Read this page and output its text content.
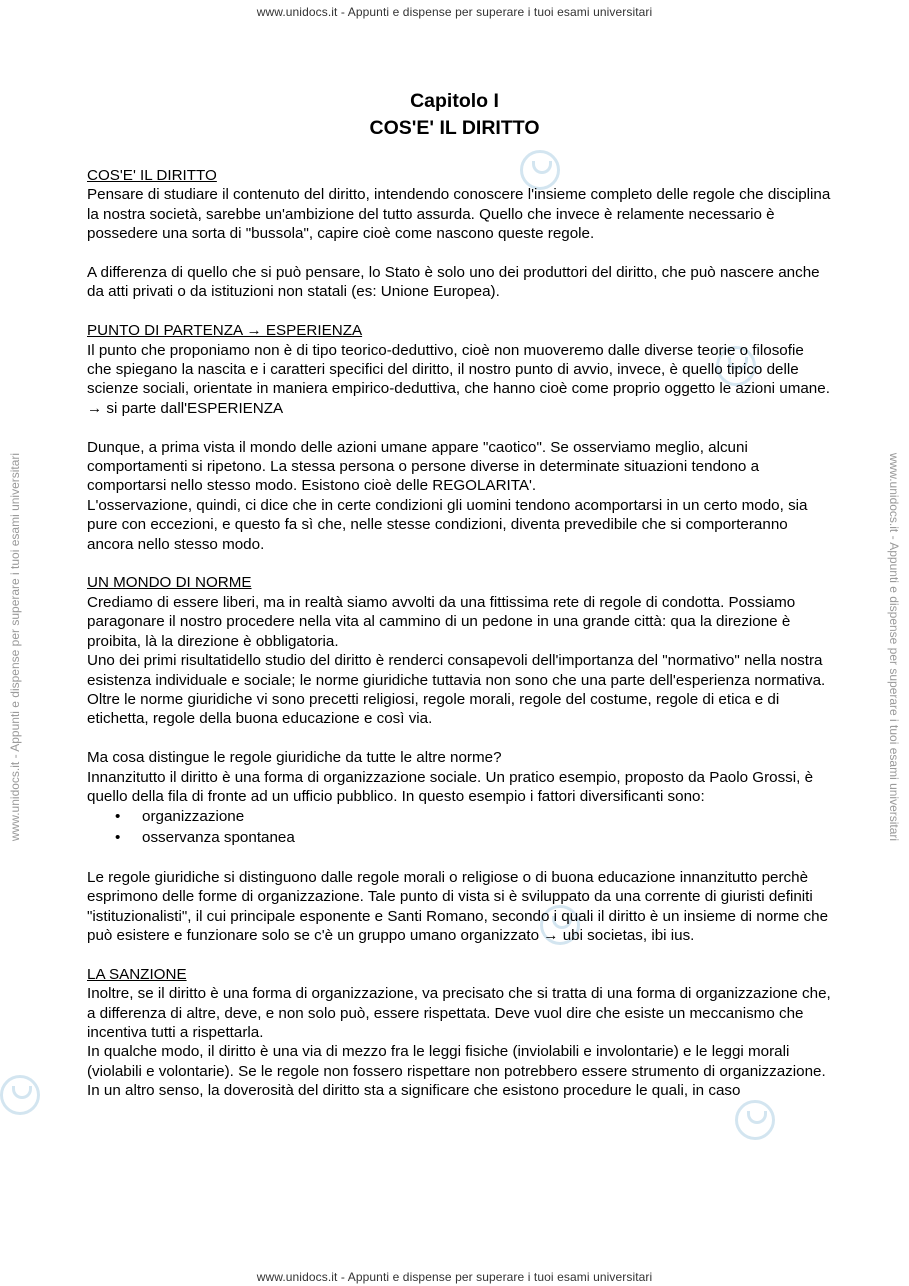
www.unidocs.it - Appunti e dispense per superare i tuoi esami universitari
www.unidocs.it - Appunti e dispense per superare i tuoi esami universitari	www.unidocs.it - Appunti e dispense per superare i tuoi esami universitari
Capitolo I
COS'E' IL DIRITTO

COS'E' IL DIRITTO

Pensare di studiare il contenuto del diritto, intendendo conoscere l'insieme completo delle regole che disciplina la nostra società, sarebbe un'ambizione del tutto assurda. Quello che invece è relamente necessario è possedere una sorta di "bussola", capire cioè come nascono queste regole.

A differenza di quello che si può pensare, lo Stato è solo uno dei produttori del diritto, che può nascere anche da atti privati o da istituzioni non statali (es: Unione Europea).

PUNTO DI PARTENZA → ESPERIENZA

Il punto che proponiamo non è di tipo teorico-deduttivo, cioè non muoveremo dalle diverse teorie o filosofie che spiegano la nascita e i caratteri specifici del diritto, il nostro punto di avvio, invece, è quello tipico delle scienze sociali, orientate in maniera empirico-deduttiva, che hanno cioè come proprio oggetto le azioni umane.

→ si parte dall'ESPERIENZA

Dunque, a prima vista il mondo delle azioni umane appare "caotico". Se osserviamo meglio, alcuni comportamenti si ripetono. La stessa persona o persone diverse in determinate situazioni tendono a comportarsi nello stesso modo. Esistono cioè delle REGOLARITA'.

L'osservazione, quindi, ci dice che in certe condizioni gli uomini tendono acomportarsi in un certo modo, sia pure con eccezioni, e questo fa sì che, nelle stesse condizioni, diventa prevedibile che si comporteranno ancora nello stesso modo.

UN MONDO DI NORME

Crediamo di essere liberi, ma in realtà siamo avvolti da una fittissima rete di regole di condotta. Possiamo paragonare il nostro procedere nella vita al cammino di un pedone in una grande città: qua la direzione è proibita, là la direzione è obbligatoria.

Uno dei primi risultatidello studio del diritto è renderci consapevoli dell'importanza del "normativo" nella nostra esistenza individuale e sociale; le norme giuridiche tuttavia non sono che una parte dell'esperienza normativa. Oltre le norme giuridiche vi sono precetti religiosi, regole morali, regole del costume, regole di etica e di etichetta, regole della buona educazione e così via.

Ma cosa distingue le regole giuridiche da tutte le altre norme?

Innanzitutto il diritto è una forma di organizzazione sociale. Un pratico esempio, proposto da Paolo Grossi, è quello della fila di fronte ad un ufficio pubblico. In questo esempio i fattori diversificanti sono:

• organizzazione
• osservanza spontanea

Le regole giuridiche si distinguono dalle regole morali o religiose o di buona educazione innanzitutto perchè esprimono delle forme di organizzazione. Tale punto di vista si è sviluppato da una corrente di giuristi definiti "istituzionalisti", il cui principale esponente e Santi Romano, secondo i quali il diritto è un insieme di norme che può esistere e funzionare solo se c'è un gruppo umano organizzato → ubi societas, ibi ius.

LA SANZIONE

Inoltre, se il diritto è una forma di organizzazione, va precisato che si tratta di una forma di organizzazione che, a differenza di altre, deve, e non solo può, essere rispettata. Deve vuol dire che esiste un meccanismo che incentiva tutti a rispettarla.

In qualche modo, il diritto è una via di mezzo fra le leggi fisiche (inviolabili e involontarie) e le leggi morali (violabili e volontarie). Se le regole non fossero rispettare non potrebbero essere strumento di organizzazione.

In un altro senso, la doverosità del diritto sta a significare che esistono procedure le quali, in caso

www.unidocs.it - Appunti e dispense per superare i tuoi esami universitari
